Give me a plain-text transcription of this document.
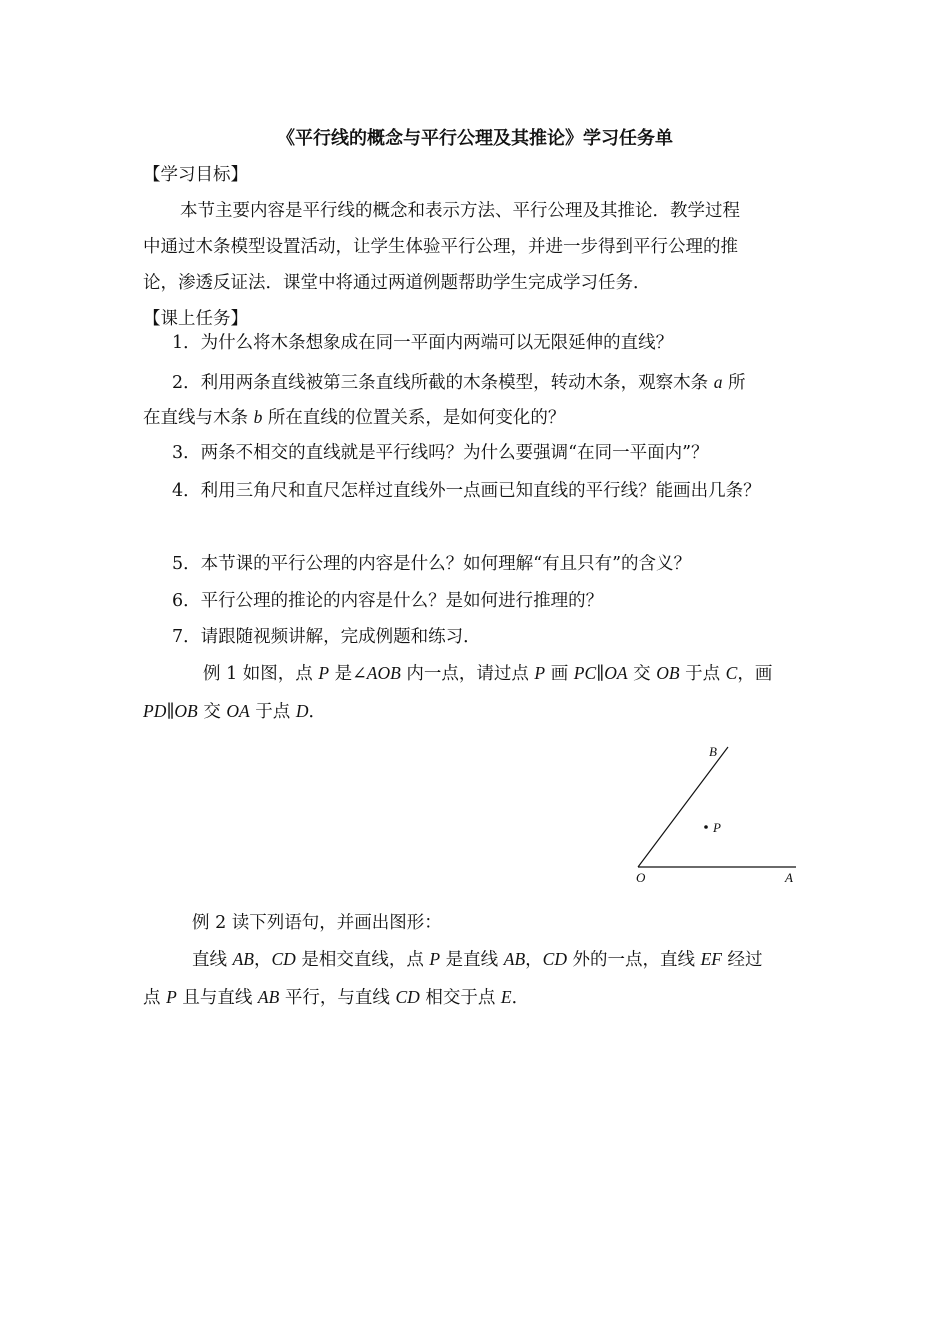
《平行线的概念与平行公理及其推论》学习任务单
【学习目标】
本节主要内容是平行线的概念和表示方法、平行公理及其推论．教学过程
中通过木条模型设置活动，让学生体验平行公理，并进一步得到平行公理的推
论，渗透反证法．课堂中将通过两道例题帮助学生完成学习任务．
【课上任务】
1．为什么将木条想象成在同一平面内两端可以无限延伸的直线？
2．利用两条直线被第三条直线所截的木条模型，转动木条，观察木条 a 所
在直线与木条 b 所在直线的位置关系，是如何变化的？
3．两条不相交的直线就是平行线吗？为什么要强调“在同一平面内”？
4．利用三角尺和直尺怎样过直线外一点画已知直线的平行线？能画出几条？
5．本节课的平行公理的内容是什么？如何理解“有且只有”的含义？
6．平行公理的推论的内容是什么？是如何进行推理的？
7．请跟随视频讲解，完成例题和练习．
例 1 如图，点 P 是∠AOB 内一点，请过点 P 画 PC∥OA 交 OB 于点 C，画
PD∥OB 交 OA 于点 D．
B
P
O	A
例 2 读下列语句，并画出图形：
直线 AB，CD 是相交直线，点 P 是直线 AB，CD 外的一点，直线 EF 经过
点 P 且与直线 AB 平行，与直线 CD 相交于点 E．
